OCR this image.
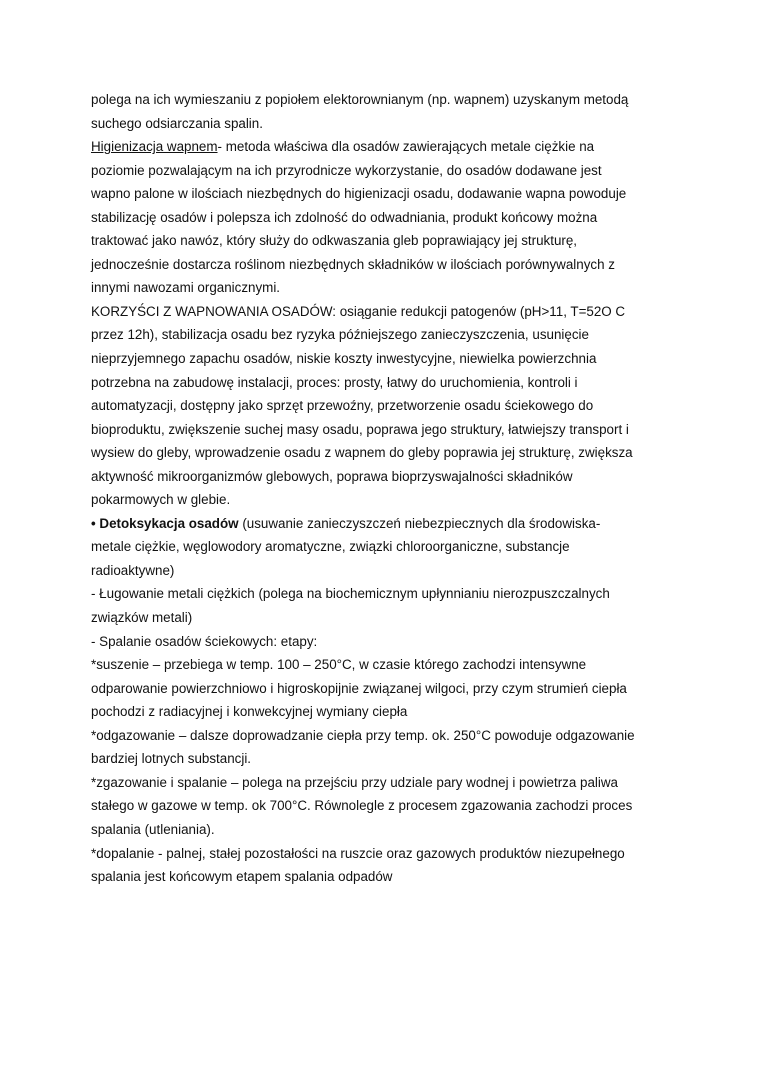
polega na ich wymieszaniu z popiołem elektorownianym (np. wapnem) uzyskanym metodą
suchego odsiarczania spalin.
Higienizacja wapnem- metoda właściwa dla osadów zawierających metale ciężkie na
poziomie pozwalającym na ich przyrodnicze wykorzystanie, do osadów dodawane jest
wapno palone w ilościach niezbędnych do higienizacji osadu, dodawanie wapna powoduje
stabilizację osadów i polepsza ich zdolność do odwadniania, produkt końcowy można
traktować jako nawóz, który służy do odkwaszania gleb poprawiający jej strukturę,
jednocześnie dostarcza roślinom niezbędnych składników w ilościach porównywalnych z
innymi nawozami organicznymi.
KORZYŚCI Z WAPNOWANIA OSADÓW: osiąganie redukcji patogenów (pH>11, T=52O C
przez 12h), stabilizacja osadu bez ryzyka późniejszego zanieczyszczenia, usunięcie
nieprzyjemnego zapachu osadów, niskie koszty inwestycyjne, niewielka powierzchnia
potrzebna na zabudowę instalacji, proces: prosty, łatwy do uruchomienia, kontroli i
automatyzacji, dostępny jako sprzęt przewoźny, przetworzenie osadu ściekowego do
bioproduktu, zwiększenie suchej masy osadu, poprawa jego struktury, łatwiejszy transport i
wysiew do gleby, wprowadzenie osadu z wapnem do gleby poprawia jej strukturę, zwiększa
aktywność mikroorganizmów glebowych, poprawa bioprzyswajalności składników
pokarmowych w glebie.
• Detoksykacja osadów (usuwanie zanieczyszczeń niebezpiecznych dla środowiska-
metale ciężkie, węglowodory aromatyczne, związki chloroorganiczne, substancje
radioaktywne)
- Ługowanie metali ciężkich (polega na biochemicznym upłynnianiu nierozpuszczalnych
związków metali)
- Spalanie osadów ściekowych: etapy:
*suszenie – przebiega w temp. 100 – 250°C, w czasie którego zachodzi intensywne
odparowanie powierzchniowo i higroskopijnie związanej wilgoci, przy czym strumień ciepła
pochodzi z radiacyjnej i konwekcyjnej wymiany ciepła
*odgazowanie – dalsze doprowadzanie ciepła przy temp. ok. 250°C powoduje odgazowanie
bardziej lotnych substancji.
*zgazowanie i spalanie – polega na przejściu przy udziale pary wodnej i powietrza paliwa
stałego w gazowe w temp. ok 700°C. Równolegle z procesem zgazowania zachodzi proces
spalania (utleniania).
*dopalanie - palnej, stałej pozostałości na ruszcie oraz gazowych produktów niezupełnego
spalania jest końcowym etapem spalania odpadów
